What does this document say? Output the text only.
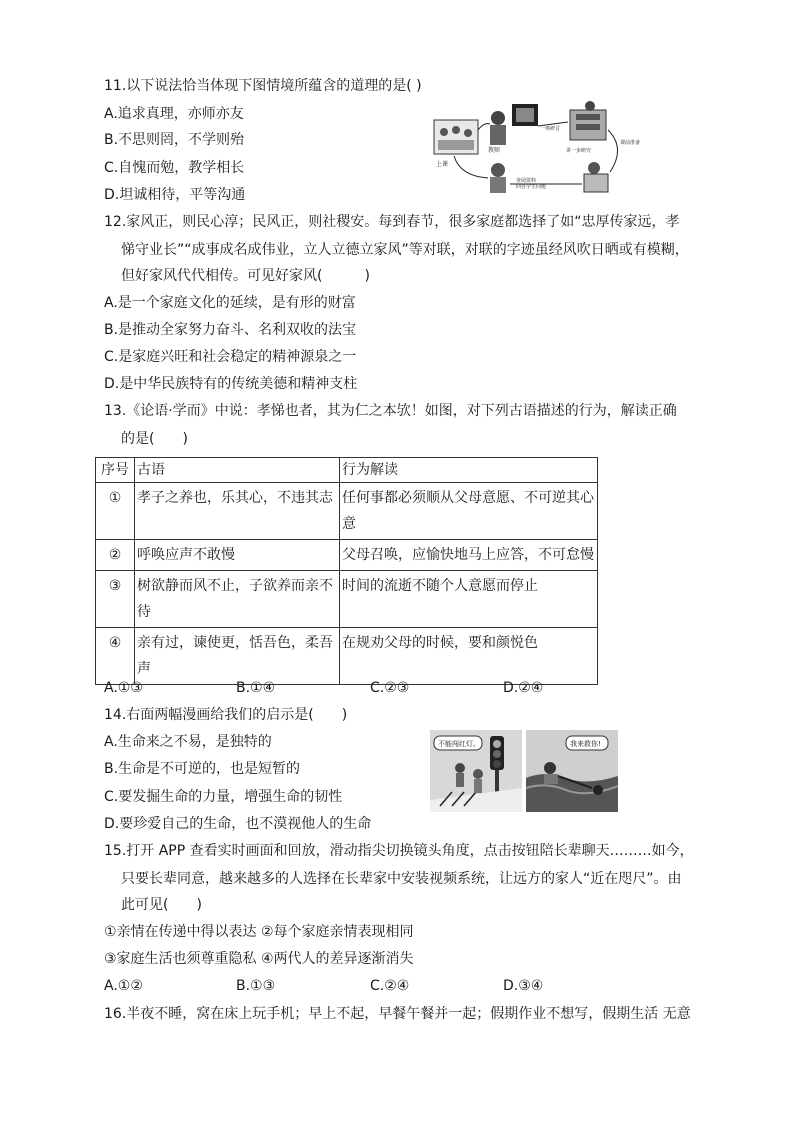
11.以下说法恰当体现下图情境所蕴含的道理的是( )
A.追求真理，亦师亦友
B.不思则罔，不学则殆
C.自愧而勉，教学相长
D.坦诚相待，平等沟通
上课
教师
一再研讨
讲一步研究
课前准备
查阅资料
回答学生问题
12.家风正，则民心淳；民风正，则社稷安。每到春节，很多家庭都选择了如“忠厚传家远，孝
悌守业长”“成事成名成伟业，立人立德立家风”等对联，对联的字迹虽经风吹日晒或有模糊，
但好家风代代相传。可见好家风(　　　)
A.是一个家庭文化的延续，是有形的财富
B.是推动全家努力奋斗、名利双收的法宝
C.是家庭兴旺和社会稳定的精神源泉之一
D.是中华民族特有的传统美德和精神支柱
13.《论语·学而》中说：孝悌也者，其为仁之本欤！如图，对下列古语描述的行为，解读正确
的是(　　)
序号	古语	行为解读
①	孝子之养也，乐其心，不违其志	任何事都必须顺从父母意愿、不可逆其心意
②	呼唤应声不敢慢	父母召唤，应愉快地马上应答，不可怠慢
③	树欲静而风不止，子欲养而亲不待	时间的流逝不随个人意愿而停止
④	亲有过，谏使更，恬吾色，柔吾声	在规劝父母的时候，要和颜悦色
A.①③	B.①④	C.②③	D.②④
14.右面两幅漫画给我们的启示是(　　)
A.生命来之不易，是独特的
B.生命是不可逆的，也是短暂的
C.要发掘生命的力量，增强生命的韧性
D.要珍爱自己的生命，也不漠视他人的生命
不能闯红灯。	我来救你!
15.打开 APP 查看实时画面和回放，滑动指尖切换镜头角度，点击按钮陪长辈聊天………如今，
只要长辈同意，越来越多的人选择在长辈家中安装视频系统，让远方的家人“近在咫尺”。由
此可见(　　)
①亲情在传递中得以表达 ②每个家庭亲情表现相同
③家庭生活也须尊重隐私 ④两代人的差异逐渐消失
A.①②	B.①③	C.②④	D.③④
16.半夜不睡，窝在床上玩手机；早上不起，早餐午餐并一起；假期作业不想写，假期生活 无意
